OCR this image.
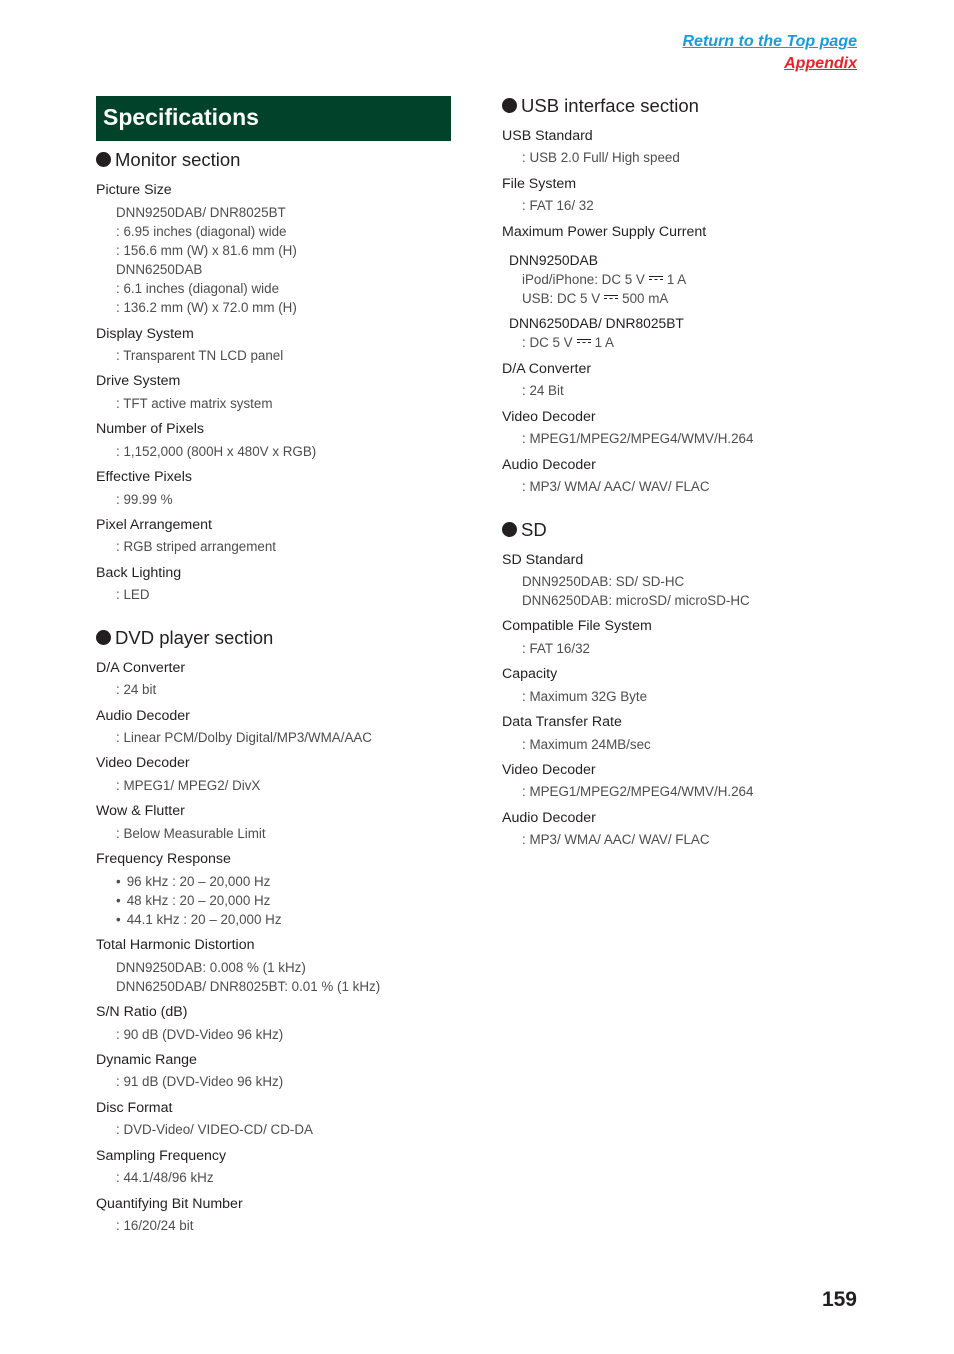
Return to the Top page
Appendix
Specifications
Monitor section
Picture Size
DNN9250DAB/ DNR8025BT
: 6.95 inches (diagonal) wide
: 156.6 mm (W) x 81.6 mm (H)
DNN6250DAB
: 6.1 inches (diagonal) wide
: 136.2 mm (W) x 72.0 mm (H)
Display System
: Transparent TN LCD panel
Drive System
: TFT active matrix system
Number of Pixels
: 1,152,000 (800H x 480V x RGB)
Effective Pixels
: 99.99 %
Pixel Arrangement
: RGB striped arrangement
Back Lighting
: LED
DVD player section
D/A Converter
: 24 bit
Audio Decoder
: Linear PCM/Dolby Digital/MP3/WMA/AAC
Video Decoder
: MPEG1/ MPEG2/ DivX
Wow & Flutter
: Below Measurable Limit
Frequency Response
• 96 kHz : 20 – 20,000 Hz
• 48 kHz : 20 – 20,000 Hz
• 44.1 kHz : 20 – 20,000 Hz
Total Harmonic Distortion
DNN9250DAB: 0.008 % (1 kHz)
DNN6250DAB/ DNR8025BT: 0.01 % (1 kHz)
S/N Ratio (dB)
: 90 dB (DVD-Video 96 kHz)
Dynamic Range
: 91 dB (DVD-Video 96 kHz)
Disc Format
: DVD-Video/ VIDEO-CD/ CD-DA
Sampling Frequency
: 44.1/48/96 kHz
Quantifying Bit Number
: 16/20/24 bit
USB interface section
USB Standard
: USB 2.0 Full/ High speed
File System
: FAT 16/ 32
Maximum Power Supply Current
DNN9250DAB
iPod/iPhone: DC 5 V 1 A
USB: DC 5 V 500 mA
DNN6250DAB/ DNR8025BT
: DC 5 V 1 A
D/A Converter
: 24 Bit
Video Decoder
: MPEG1/MPEG2/MPEG4/WMV/H.264
Audio Decoder
: MP3/ WMA/ AAC/ WAV/ FLAC
SD
SD Standard
DNN9250DAB: SD/ SD-HC
DNN6250DAB: microSD/ microSD-HC
Compatible File System
: FAT 16/32
Capacity
: Maximum 32G Byte
Data Transfer Rate
: Maximum 24MB/sec
Video Decoder
: MPEG1/MPEG2/MPEG4/WMV/H.264
Audio Decoder
: MP3/ WMA/ AAC/ WAV/ FLAC
159
